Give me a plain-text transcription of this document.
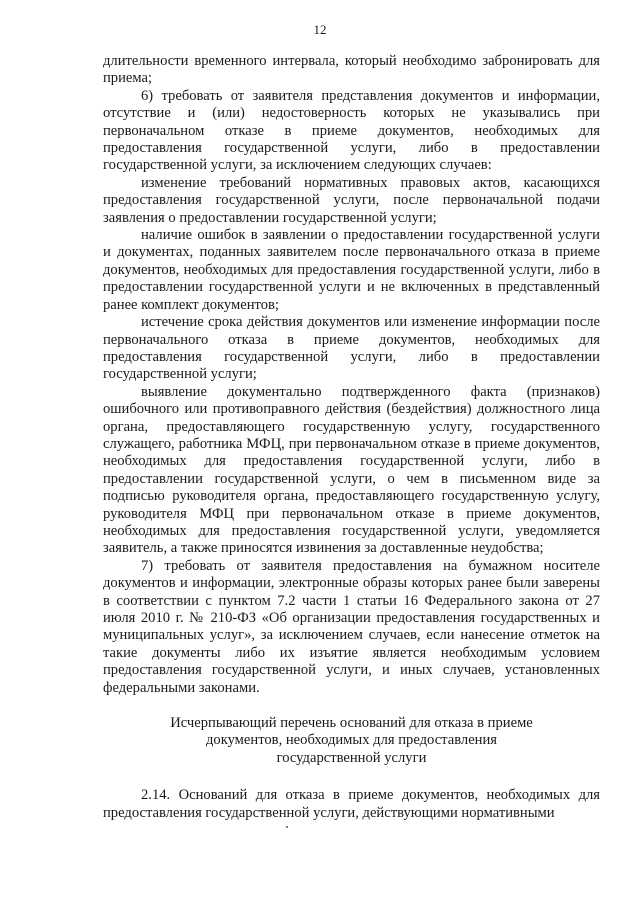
12

длительности временного интервала, который необходимо забронировать для приема;

6) требовать от заявителя представления документов и информации, отсутствие и (или) недостоверность которых не указывались при первоначальном отказе в приеме документов, необходимых для предоставления государственной услуги, либо в предоставлении государственной услуги, за исключением следующих случаев:

изменение требований нормативных правовых актов, касающихся предоставления государственной услуги, после первоначальной подачи заявления о предоставлении государственной услуги;

наличие ошибок в заявлении о предоставлении государственной услуги и документах, поданных заявителем после первоначального отказа в приеме документов, необходимых для предоставления государственной услуги, либо в предоставлении государственной услуги и не включенных в представленный ранее комплект документов;

истечение срока действия документов или изменение информации после первоначального отказа в приеме документов, необходимых для предоставления государственной услуги, либо в предоставлении государственной услуги;

выявление документально подтвержденного факта (признаков) ошибочного или противоправного действия (бездействия) должностного лица органа, предоставляющего государственную услугу, государственного служащего, работника МФЦ, при первоначальном отказе в приеме документов, необходимых для предоставления государственной услуги, либо в предоставлении государственной услуги, о чем в письменном виде за подписью руководителя органа, предоставляющего государственную услугу, руководителя МФЦ при первоначальном отказе в приеме документов, необходимых для предоставления государственной услуги, уведомляется заявитель, а также приносятся извинения за доставленные неудобства;

7) требовать от заявителя предоставления на бумажном носителе документов и информации, электронные образы которых ранее были заверены в соответствии с пунктом 7.2 части 1 статьи 16 Федерального закона от 27 июля 2010 г. № 210-ФЗ «Об организации предоставления государственных и муниципальных услуг», за исключением случаев, если нанесение отметок на такие документы либо их изъятие является необходимым условием предоставления государственной услуги, и иных случаев, установленных федеральными законами.

Исчерпывающий перечень оснований для отказа в приеме
документов, необходимых для предоставления
государственной услуги

2.14. Оснований для отказа в приеме документов, необходимых для предоставления государственной услуги, действующими нормативными
